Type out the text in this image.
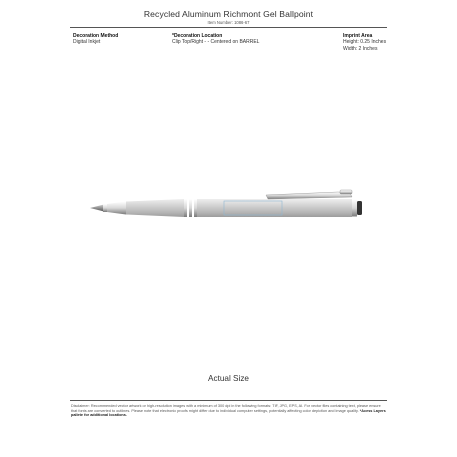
Recycled Aluminum Richmont Gel Ballpoint
Item Number: 1086-67
Decoration Method
Digital Inkjet
*Decoration Location
Clip Top/Right - - Centered on BARREL
Imprint Area
Height: 0.25 Inches
Width: 2 Inches
Actual Size
Disclaimer: Recommended vector artwork or high-resolution images with a minimum of 300 dpi in the following formats: TIF, JPG, EPS, AI. For vector files containing text, please ensure that fonts are converted to outlines. Please note that electronic proofs might differ due to individual computer settings, potentially affecting color depiction and image quality. *Acess Layers pallete for additional locations.
